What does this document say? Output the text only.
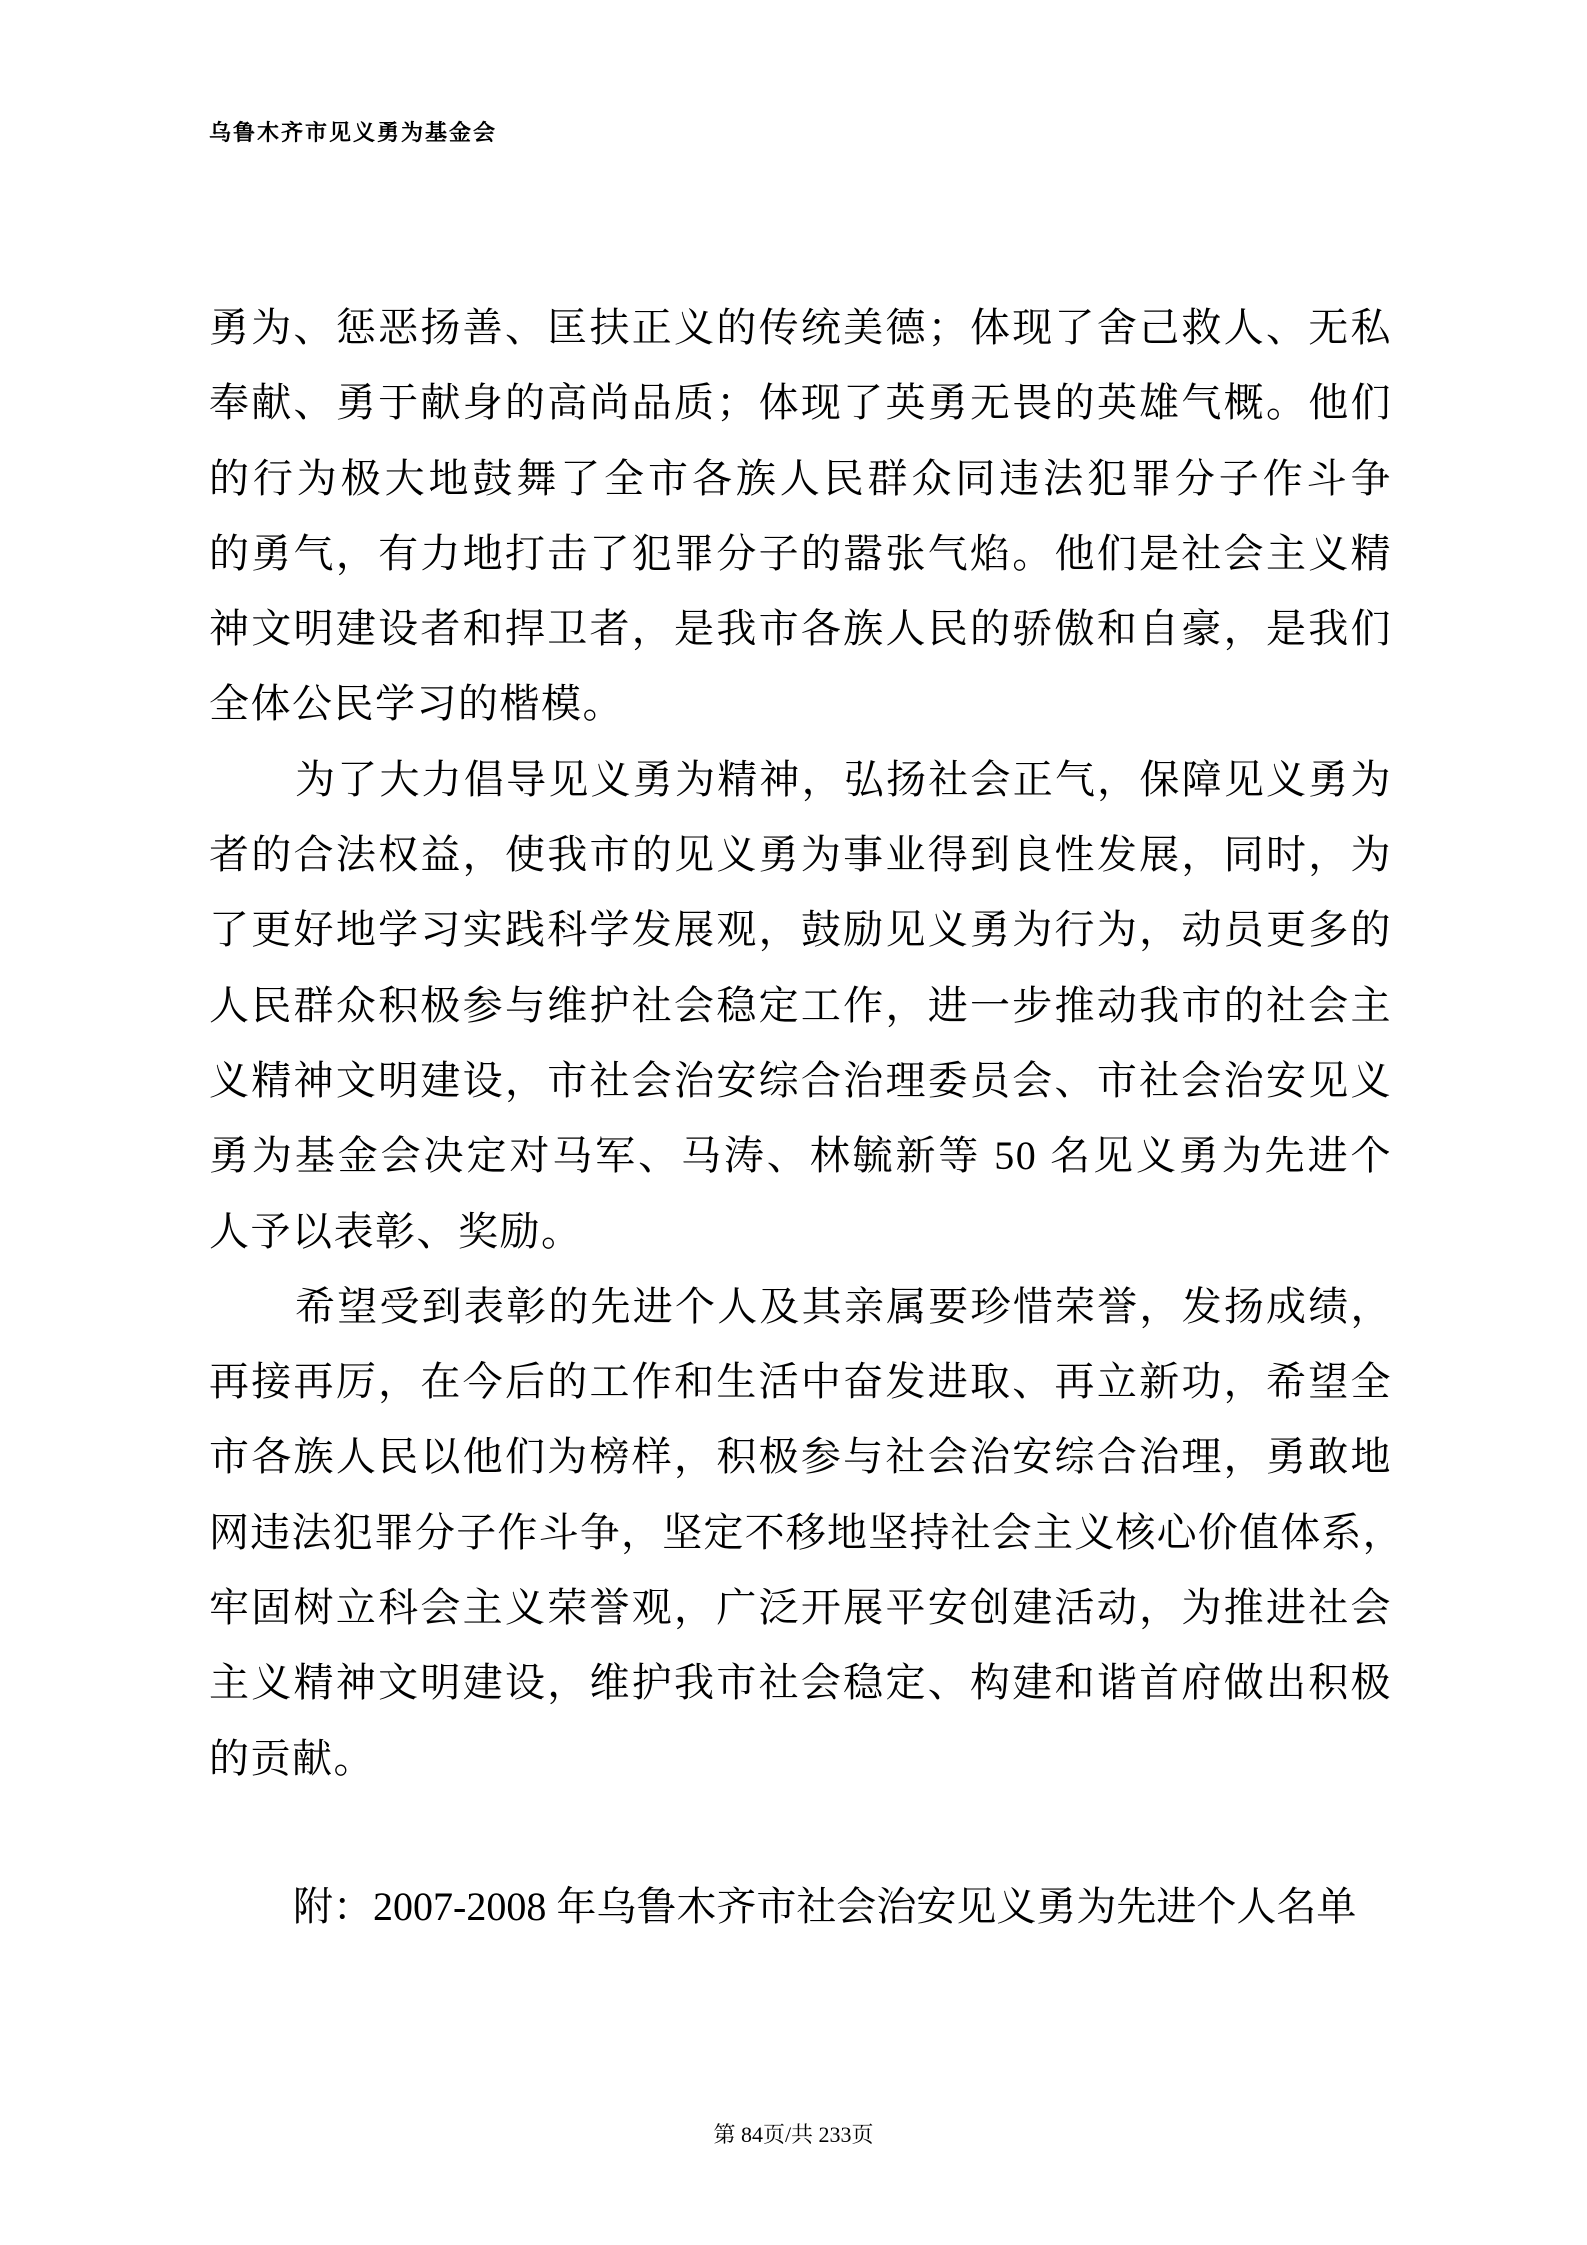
乌鲁木齐市见义勇为基金会
勇为、惩恶扬善、匡扶正义的传统美德；体现了舍己救人、无私
奉献、勇于献身的高尚品质；体现了英勇无畏的英雄气概。他们
的行为极大地鼓舞了全市各族人民群众同违法犯罪分子作斗争
的勇气，有力地打击了犯罪分子的嚣张气焰。他们是社会主义精
神文明建设者和捍卫者，是我市各族人民的骄傲和自豪，是我们
全体公民学习的楷模。
为了大力倡导见义勇为精神，弘扬社会正气，保障见义勇为
者的合法权益，使我市的见义勇为事业得到良性发展，同时，为
了更好地学习实践科学发展观，鼓励见义勇为行为，动员更多的
人民群众积极参与维护社会稳定工作，进一步推动我市的社会主
义精神文明建设，市社会治安综合治理委员会、市社会治安见义
勇为基金会决定对马军、马涛、林毓新等 50 名见义勇为先进个
人予以表彰、奖励。
希望受到表彰的先进个人及其亲属要珍惜荣誉，发扬成绩，
再接再厉，在今后的工作和生活中奋发进取、再立新功，希望全
市各族人民以他们为榜样，积极参与社会治安综合治理，勇敢地
网违法犯罪分子作斗争，坚定不移地坚持社会主义核心价值体系，
牢固树立科会主义荣誉观，广泛开展平安创建活动，为推进社会
主义精神文明建设，维护我市社会稳定、构建和谐首府做出积极
的贡献。
附：2007-2008 年乌鲁木齐市社会治安见义勇为先进个人名单
第 84页/共 233页
